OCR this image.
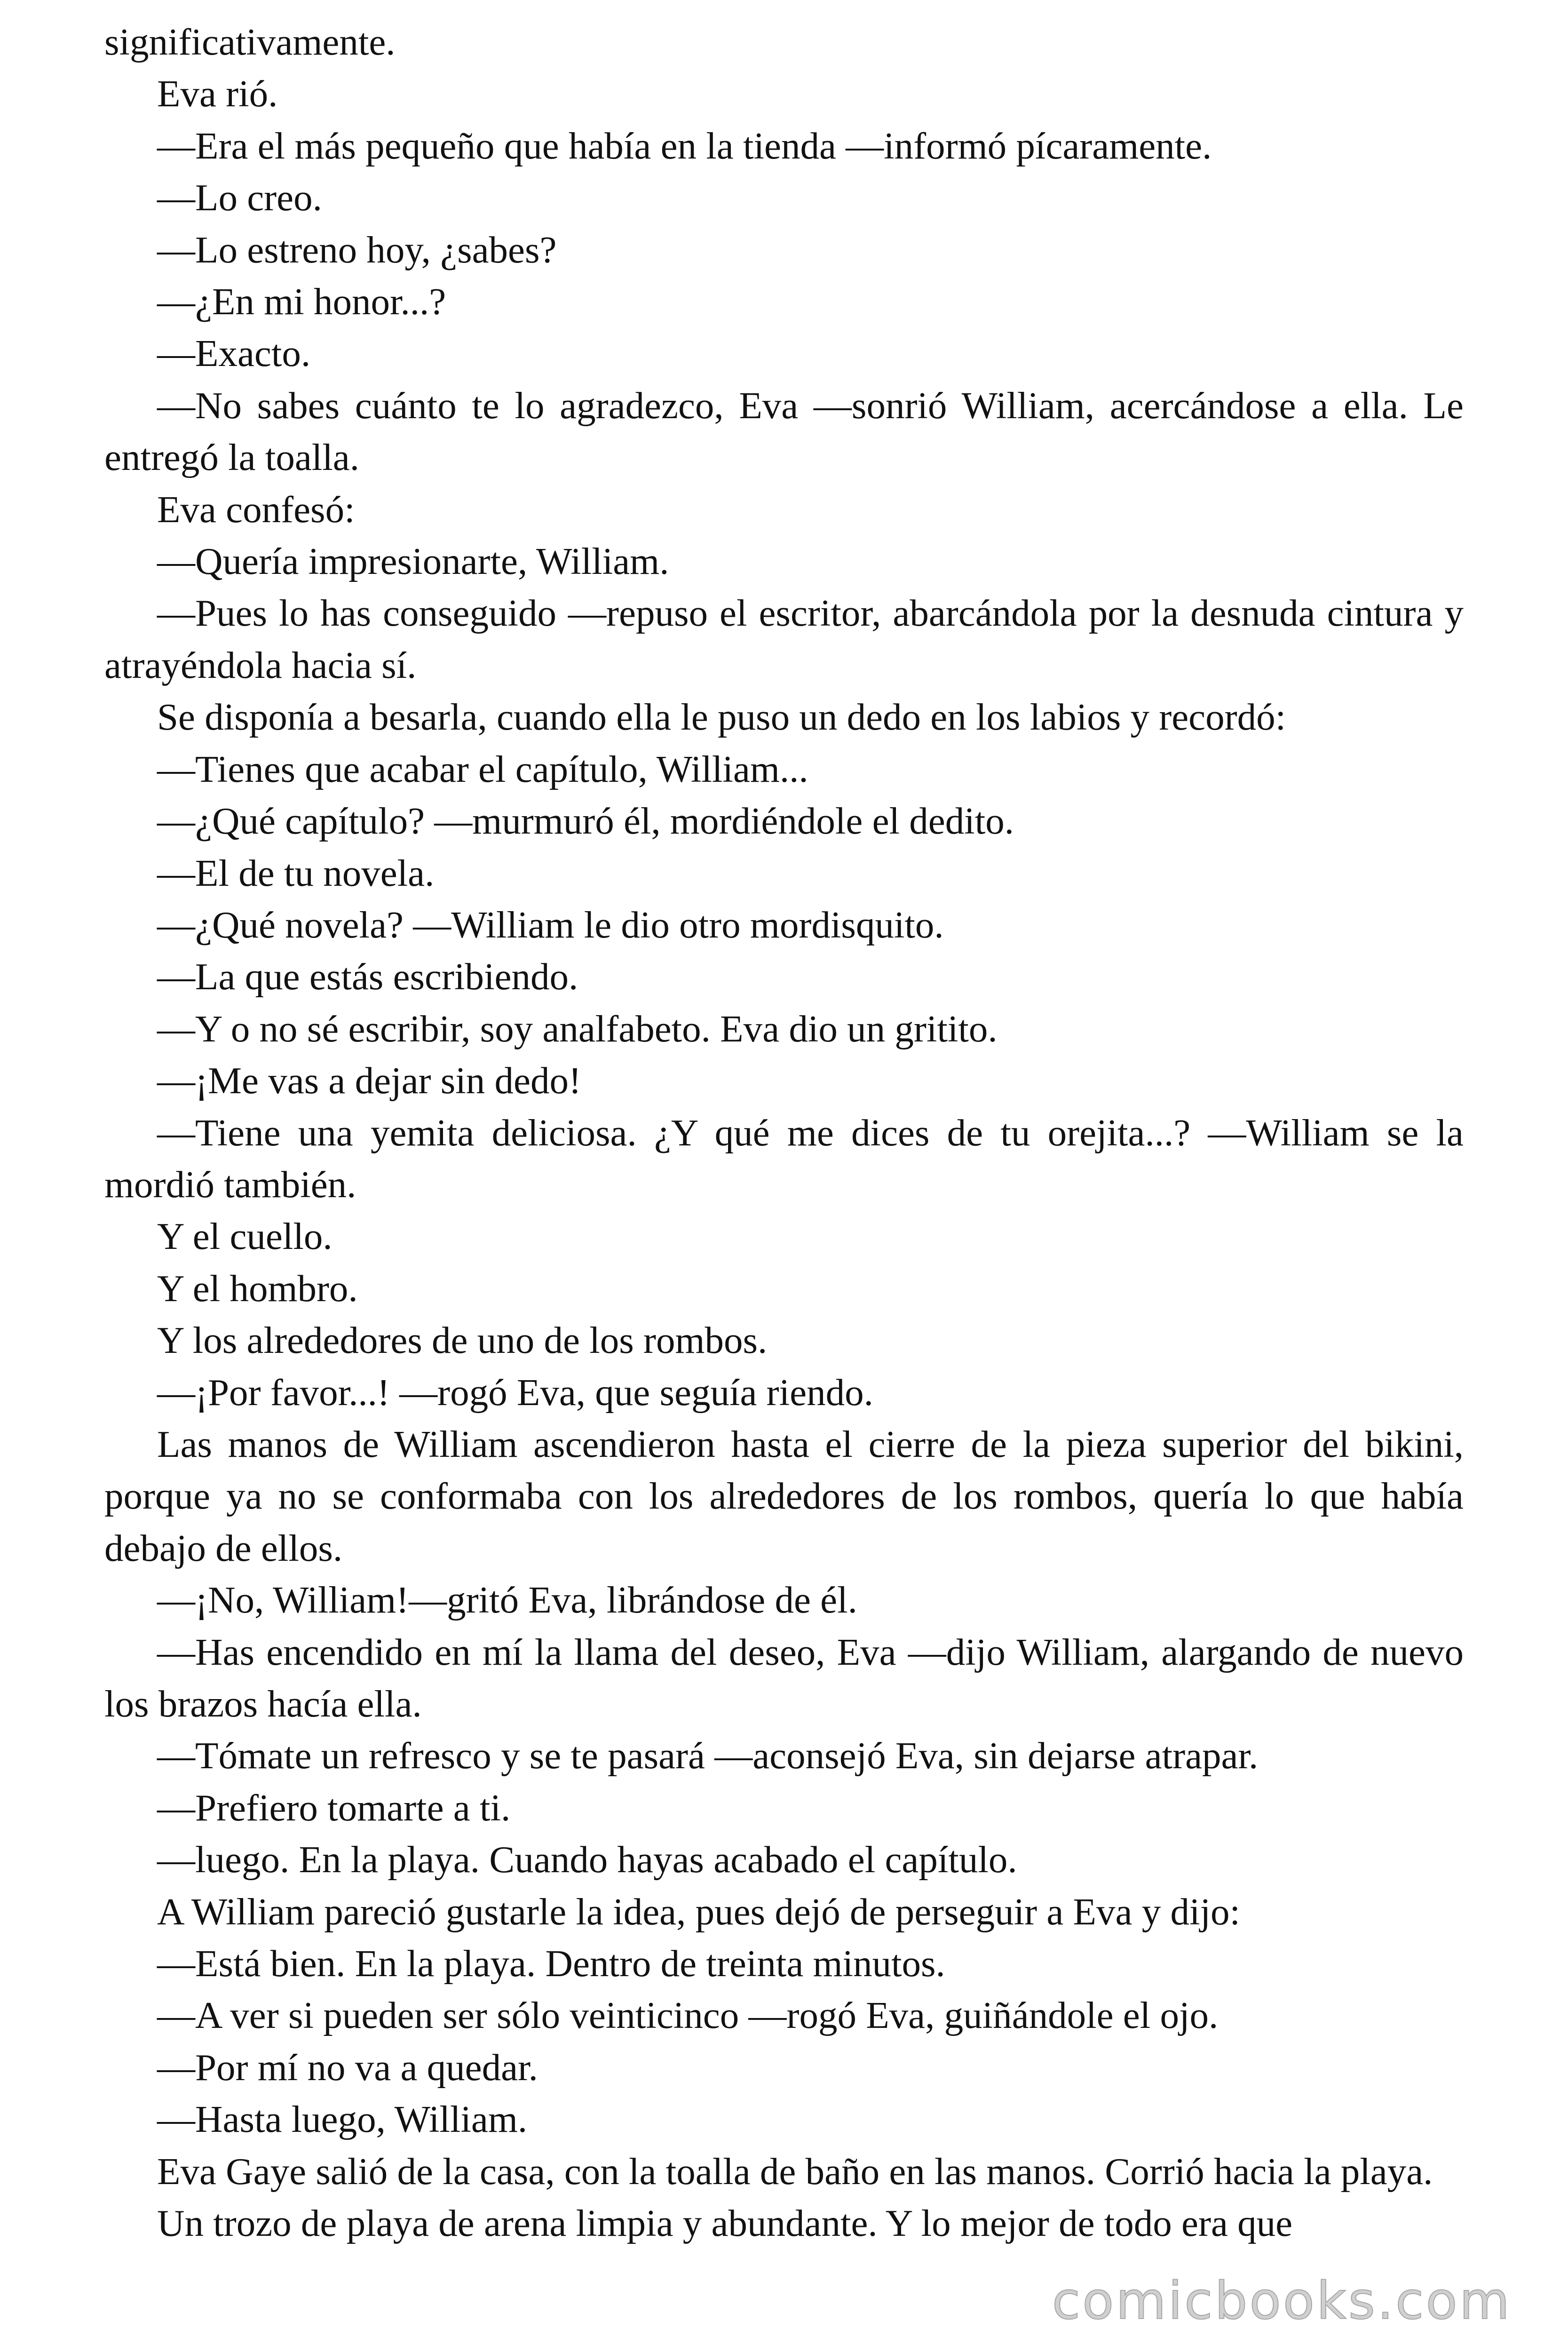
significativamente.

Eva rió.

—Era el más pequeño que había en la tienda —informó pícaramente.

—Lo creo.

—Lo estreno hoy, ¿sabes?

—¿En mi honor...?

—Exacto.

—No sabes cuánto te lo agradezco, Eva —sonrió William, acercándose a ella. Le entregó la toalla.

Eva confesó:

—Quería impresionarte, William.

—Pues lo has conseguido —repuso el escritor, abarcándola por la desnuda cintura y atrayéndola hacia sí.

Se disponía a besarla, cuando ella le puso un dedo en los labios y recordó:

—Tienes que acabar el capítulo, William...

—¿Qué capítulo? —murmuró él, mordiéndole el dedito.

—El de tu novela.

—¿Qué novela? —William le dio otro mordisquito.

—La que estás escribiendo.

—Y o no sé escribir, soy analfabeto. Eva dio un gritito.

—¡Me vas a dejar sin dedo!

—Tiene una yemita deliciosa. ¿Y qué me dices de tu orejita...? —William se la mordió también.

Y el cuello.

Y el hombro.

Y los alrededores de uno de los rombos.

—¡Por favor...! —rogó Eva, que seguía riendo.

Las manos de William ascendieron hasta el cierre de la pieza superior del bikini, porque ya no se conformaba con los alrededores de los rombos, quería lo que había debajo de ellos.

—¡No, William!—gritó Eva, librándose de él.

—Has encendido en mí la llama del deseo, Eva —dijo William, alargando de nuevo los brazos hacía ella.

—Tómate un refresco y se te pasará —aconsejó Eva, sin dejarse atrapar.

—Prefiero tomarte a ti.

—luego. En la playa. Cuando hayas acabado el capítulo.

A William pareció gustarle la idea, pues dejó de perseguir a Eva y dijo:

—Está bien. En la playa. Dentro de treinta minutos.

—A ver si pueden ser sólo veinticinco —rogó Eva, guiñándole el ojo.

—Por mí no va a quedar.

—Hasta luego, William.

Eva Gaye salió de la casa, con la toalla de baño en las manos. Corrió hacia la playa.

Un trozo de playa de arena limpia y abundante. Y lo mejor de todo era que

comicbooks.com
